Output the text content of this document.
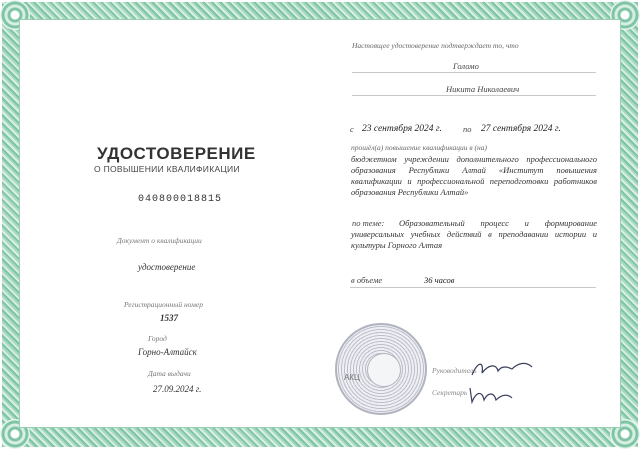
УДОСТОВЕРЕНИЕ
О ПОВЫШЕНИИ КВАЛИФИКАЦИИ
040800018815
Документ о квалификации
удостоверение
Регистрационный номер
1537
Город
Горно-Алтайск
Дата выдачи
27.09.2024 г.
Настоящее удостоверение подтверждает то, что
Голомо
Никита Николаевич
с 23 сентября 2024 г. по 27 сентября 2024 г.
прошёл(а) повышение квалификации в (на)
бюджетном учреждении дополнительного профессионального образования Республики Алтай «Институт повышения квалификации и профессиональной переподготовки работников образования Республики Алтай»
по теме:	Образовательный процесс и формирование универсальных учебных действий в преподавании истории и культуры Горного Алтая
в объеме	36 часов
АКЦ
Руководитель
Секретарь
